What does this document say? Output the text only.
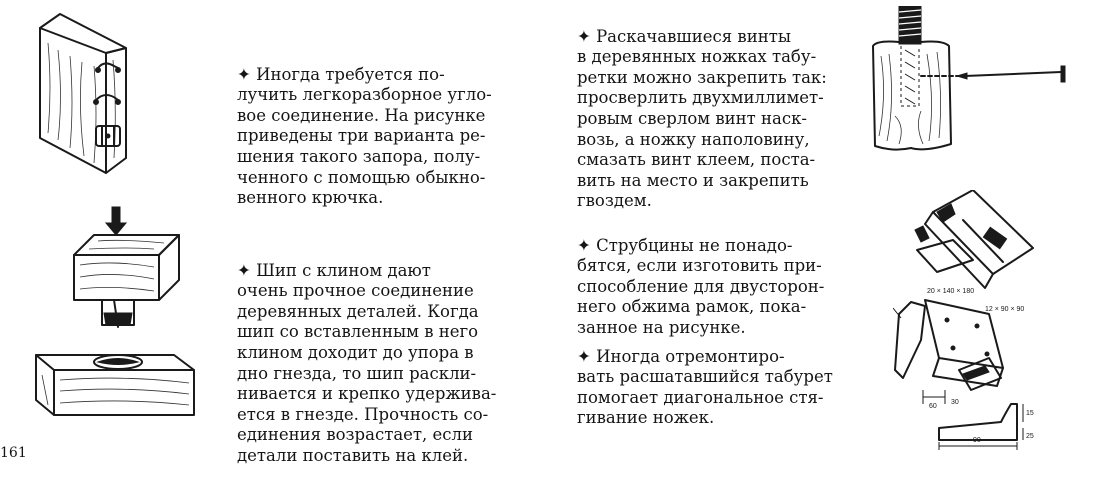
20 × 140 × 180
12 × 90 × 90
60
30
90
15
25

✦ Иногда требуется по-
лучить легкоразборное угло-
вое соединение. На рисунке
приведены три варианта ре-
шения такого запора, полу-
ченного с помощью обыкно-
венного крючка.

✦ Шип с клином дают
очень прочное соединение
деревянных деталей. Когда
шип со вставленным в него
клином доходит до упора в
дно гнезда, то шип раскли-
нивается и крепко удержива-
ется в гнезде. Прочность со-
единения возрастает, если
детали поставить на клей.

✦ Раскачавшиеся винты
в деревянных ножках табу-
ретки можно закрепить так:
просверлить двухмиллимет-
ровым сверлом винт наск-
возь, а ножку наполовину,
смазать винт клеем, поста-
вить на место и закрепить
гвоздем.

✦ Струбцины не понадо-
бятся, если изготовить при-
способление для двусторон-
него обжима рамок, пока-
занное на рисунке.

✦ Иногда отремонтиро-
вать расшатавшийся табурет
помогает диагональное стя-
гивание ножек.

161
